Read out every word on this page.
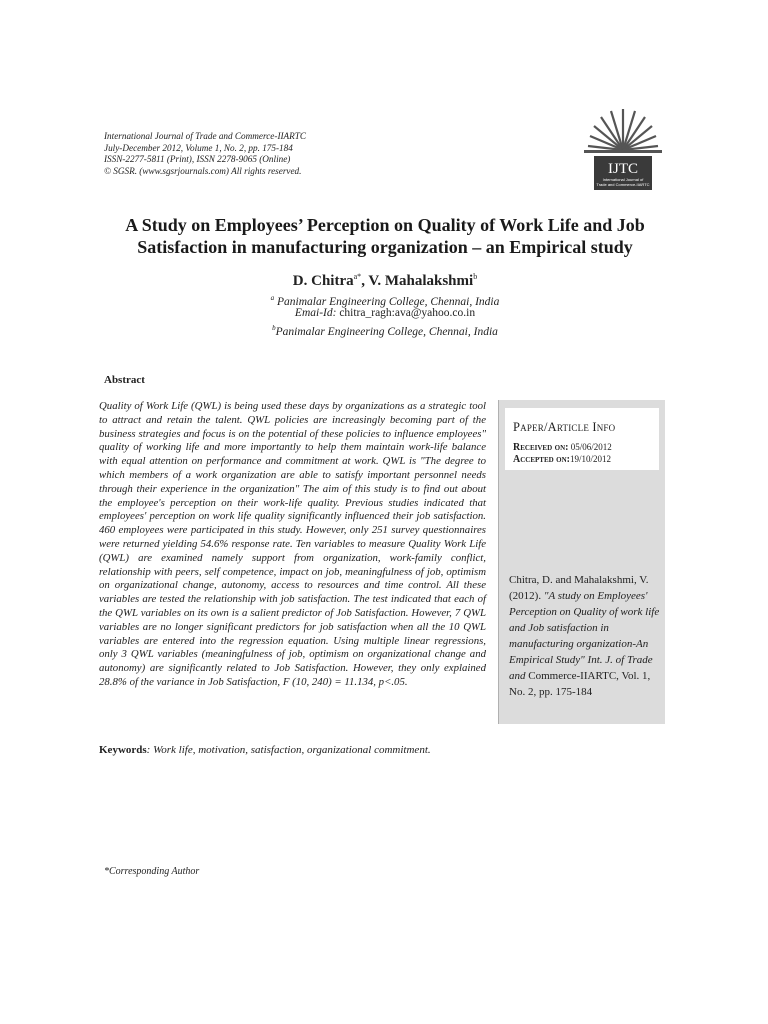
International Journal of Trade and Commerce-IIARTC
July-December 2012, Volume 1, No. 2, pp. 175-184
ISSN-2277-5811 (Print), ISSN 2278-9065 (Online)
© SGSR. (www.sgsrjournals.com) All rights reserved.	IJTC
International Journal of
Trade and Commerce-IIARTC
A Study on Employees’ Perception on Quality of Work Life and Job Satisfaction in manufacturing organization – an Empirical study
D. Chitra$^{a*}$, V. Mahalakshmi$^b$
$^a$ Panimalar Engineering College, Chennai, India
Emai-Id: chitra_ragh:ava@yahoo.co.in
$^b$Panimalar Engineering College, Chennai, India
Abstract
Quality of Work Life (QWL) is being used these days by organizations as a strategic tool to attract and retain the talent. QWL policies are increasingly becoming part of the business strategies and focus is on the potential of these policies to influence employees" quality of working life and more importantly to help them maintain work-life balance with equal attention on performance and commitment at work. QWL is "The degree to which members of a work organization are able to satisfy important personnel needs through their experience in the organization" The aim of this study is to find out about the employee's perception on their work-life quality. Previous studies indicated that employees' perception on work life quality significantly influenced their job satisfaction. 460 employees were participated in this study. However, only 251 survey questionnaires were returned yielding 54.6% response rate. Ten variables to measure Quality Work Life (QWL) are examined namely support from organization, work-family conflict, relationship with peers, self competence, impact on job, meaningfulness of job, optimism on organizational change, autonomy, access to resources and time control. All these variables are tested the relationship with job satisfaction. The test indicated that each of the QWL variables on its own is a salient predictor of Job Satisfaction. However, 7 QWL variables are no longer significant predictors for job satisfaction when all the 10 QWL variables are entered into the regression equation. Using multiple linear regressions, only 3 QWL variables (meaningfulness of job, optimism on organizational change and autonomy) are significantly related to Job Satisfaction. However, they only explained 28.8% of the variance in Job Satisfaction, F (10, 240) = 11.134, p<.05.
Keywords: Work life, motivation, satisfaction, organizational commitment.
Paper/Article Info
Received on: 05/06/2012
Accepted on:19/10/2012
Chitra, D. and Mahalakshmi, V. (2012). "A study on Employees' Perception on Quality of work life and Job satisfaction in manufacturing organization-An Empirical Study" Int. J. of Trade and Commerce-IIARTC, Vol. 1, No. 2, pp. 175-184
*Corresponding Author
